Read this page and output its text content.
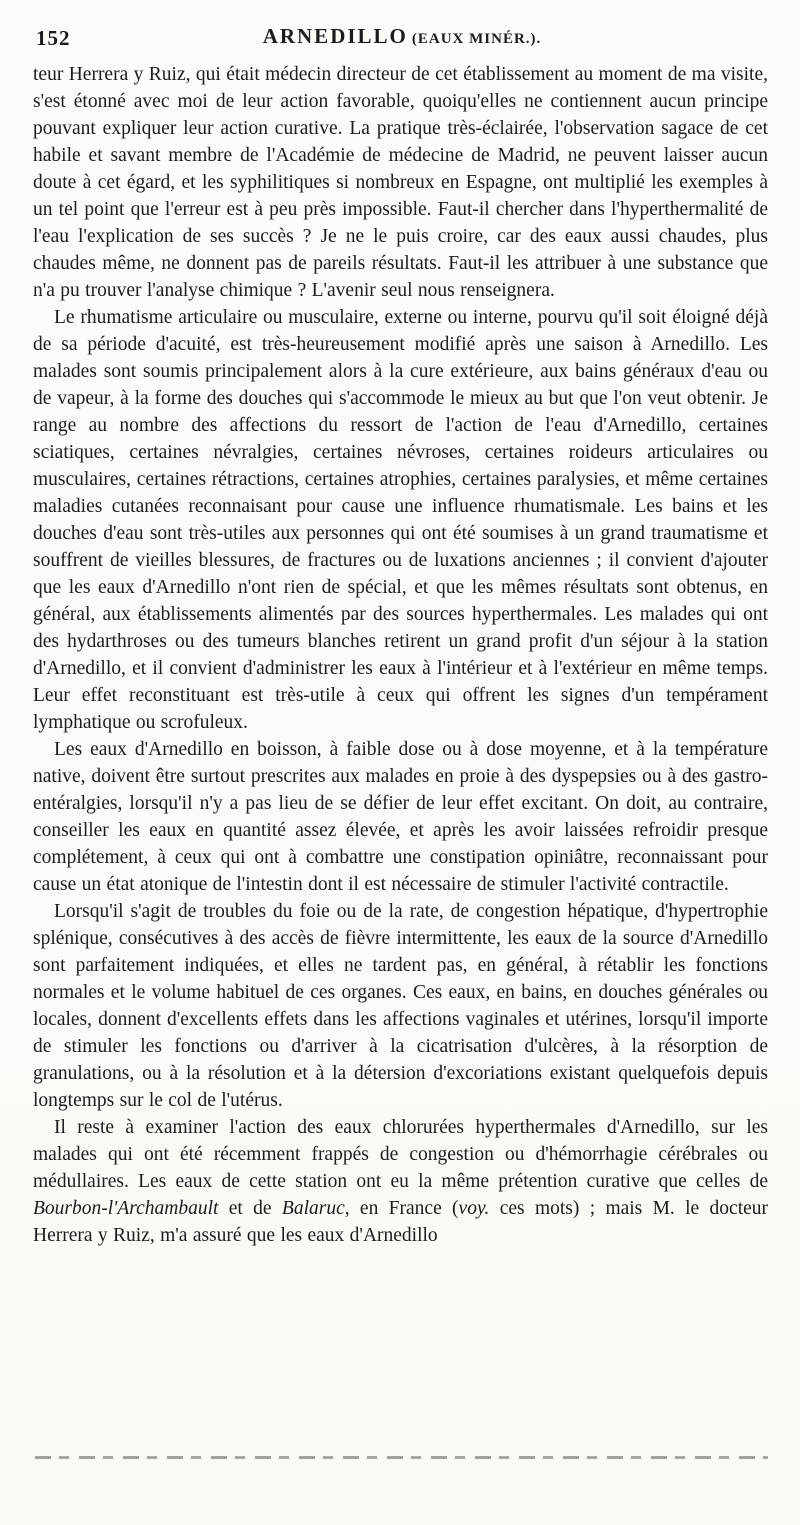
152	ARNEDILLO (EAUX MINÉR.).

teur Herrera y Ruiz, qui était médecin directeur de cet établissement au moment de ma visite, s'est étonné avec moi de leur action favorable, quoiqu'elles ne contiennent aucun principe pouvant expliquer leur action curative. La pratique très-éclairée, l'observation sagace de cet habile et savant membre de l'Académie de médecine de Madrid, ne peuvent laisser aucun doute à cet égard, et les syphilitiques si nombreux en Espagne, ont multiplié les exemples à un tel point que l'erreur est à peu près impossible. Faut-il chercher dans l'hyperthermalité de l'eau l'explication de ses succès ? Je ne le puis croire, car des eaux aussi chaudes, plus chaudes même, ne donnent pas de pareils résultats. Faut-il les attribuer à une substance que n'a pu trouver l'analyse chimique ? L'avenir seul nous renseignera.

Le rhumatisme articulaire ou musculaire, externe ou interne, pourvu qu'il soit éloigné déjà de sa période d'acuité, est très-heureusement modifié après une saison à Arnedillo. Les malades sont soumis principalement alors à la cure extérieure, aux bains généraux d'eau ou de vapeur, à la forme des douches qui s'accommode le mieux au but que l'on veut obtenir. Je range au nombre des affections du ressort de l'action de l'eau d'Arnedillo, certaines sciatiques, certaines névralgies, certaines névroses, certaines roideurs articulaires ou musculaires, certaines rétractions, certaines atrophies, certaines paralysies, et même certaines maladies cutanées reconnaisant pour cause une influence rhumatismale. Les bains et les douches d'eau sont très-utiles aux personnes qui ont été soumises à un grand traumatisme et souffrent de vieilles blessures, de fractures ou de luxations anciennes ; il convient d'ajouter que les eaux d'Arnedillo n'ont rien de spécial, et que les mêmes résultats sont obtenus, en général, aux établissements alimentés par des sources hyperthermales. Les malades qui ont des hydarthroses ou des tumeurs blanches retirent un grand profit d'un séjour à la station d'Arnedillo, et il convient d'administrer les eaux à l'intérieur et à l'extérieur en même temps. Leur effet reconstituant est très-utile à ceux qui offrent les signes d'un tempérament lymphatique ou scrofuleux.

Les eaux d'Arnedillo en boisson, à faible dose ou à dose moyenne, et à la température native, doivent être surtout prescrites aux malades en proie à des dyspepsies ou à des gastro-entéralgies, lorsqu'il n'y a pas lieu de se défier de leur effet excitant. On doit, au contraire, conseiller les eaux en quantité assez élevée, et après les avoir laissées refroidir presque complétement, à ceux qui ont à combattre une constipation opiniâtre, reconnaissant pour cause un état atonique de l'intestin dont il est nécessaire de stimuler l'activité contractile.

Lorsqu'il s'agit de troubles du foie ou de la rate, de congestion hépatique, d'hypertrophie splénique, consécutives à des accès de fièvre intermittente, les eaux de la source d'Arnedillo sont parfaitement indiquées, et elles ne tardent pas, en général, à rétablir les fonctions normales et le volume habituel de ces organes. Ces eaux, en bains, en douches générales ou locales, donnent d'excellents effets dans les affections vaginales et utérines, lorsqu'il importe de stimuler les fonctions ou d'arriver à la cicatrisation d'ulcères, à la résorption de granulations, ou à la résolution et à la détersion d'excoriations existant quelquefois depuis longtemps sur le col de l'utérus.

Il reste à examiner l'action des eaux chlorurées hyperthermales d'Arnedillo, sur les malades qui ont été récemment frappés de congestion ou d'hémorrhagie cérébrales ou médullaires. Les eaux de cette station ont eu la même prétention curative que celles de Bourbon-l'Archambault et de Balaruc, en France (voy. ces mots) ; mais M. le docteur Herrera y Ruiz, m'a assuré que les eaux d'Arnedillo
